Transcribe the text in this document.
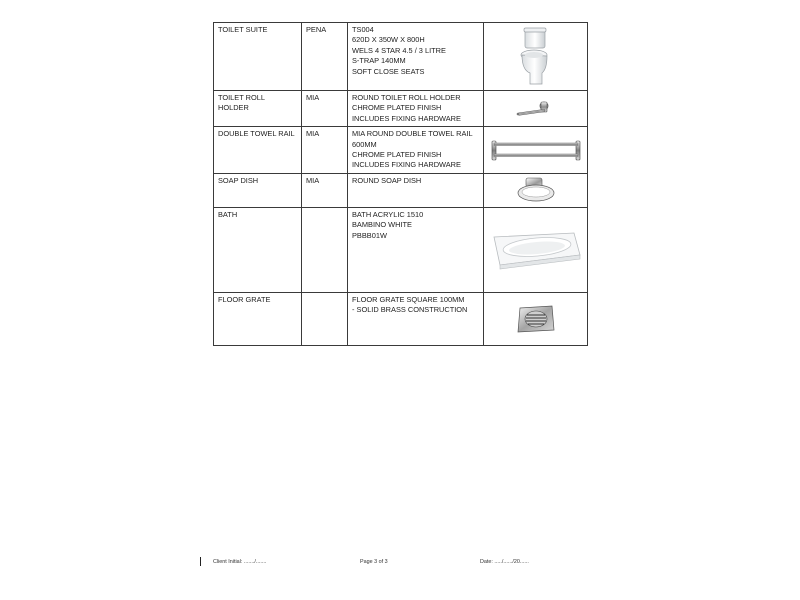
TOILET SUITE	PENA	TS004
620D X 350W X 800H
WELS 4 STAR 4.5 / 3 LITRE
S-TRAP 140MM
SOFT CLOSE SEATS

TOILET ROLL HOLDER	MIA	ROUND TOILET ROLL HOLDER
CHROME PLATED FINISH
INCLUDES FIXING HARDWARE

DOUBLE TOWEL RAIL	MIA	MIA ROUND DOUBLE TOWEL RAIL
600MM
CHROME PLATED FINISH
INCLUDES FIXING HARDWARE

SOAP DISH	MIA	ROUND SOAP DISH

BATH		BATH ACRYLIC 1510
BAMBINO WHITE
PBBB01W

FLOOR GRATE		FLOOR GRATE SQUARE 100MM
- SOLID BRASS CONSTRUCTION

Client Initial: ......./.......	Page 3 of 3	Date: ...../....../20......
